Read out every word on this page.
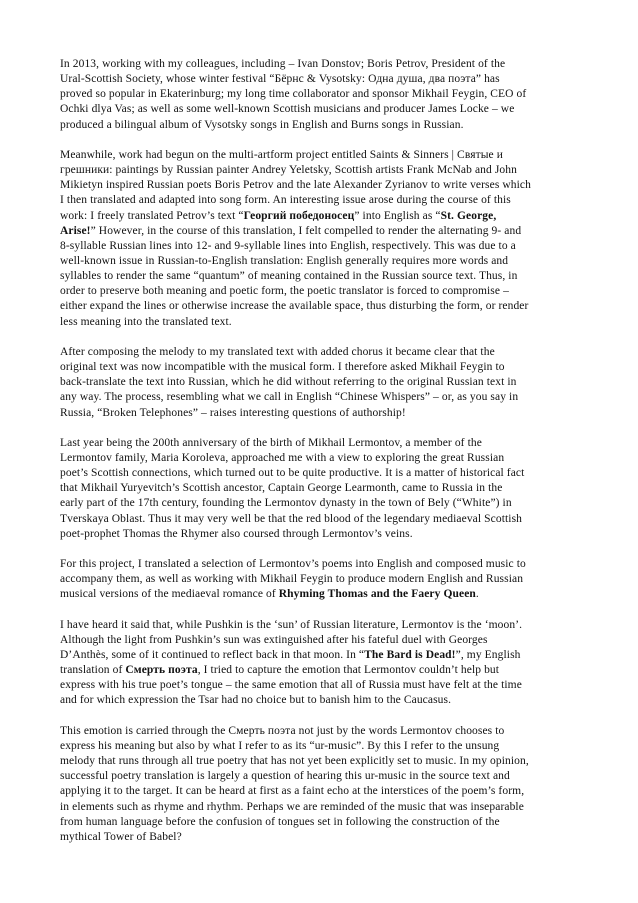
In 2013, working with my colleagues, including – Ivan Donstov; Boris Petrov, President of the
Ural-Scottish Society, whose winter festival “Бёрнс & Vysotsky: Одна душа, два поэта” has
proved so popular in Ekaterinburg; my long time collaborator and sponsor Mikhail Feygin, CEO of
Ochki dlya Vas; as well as some well-known Scottish musicians and producer James Locke – we
produced a bilingual album of Vysotsky songs in English and Burns songs in Russian.

Meanwhile, work had begun on the multi-artform project entitled Saints & Sinners | Святые и
грешники: paintings by Russian painter Andrey Yeletsky, Scottish artists Frank McNab and John
Mikietyn inspired Russian poets Boris Petrov and the late Alexander Zyrianov to write verses which
I then translated and adapted into song form. An interesting issue arose during the course of this
work: I freely translated Petrov’s text “Георгий победоносец” into English as “St. George,
Arise!” However, in the course of this translation, I felt compelled to render the alternating 9- and
8-syllable Russian lines into 12- and 9-syllable lines into English, respectively. This was due to a
well-known issue in Russian-to-English translation: English generally requires more words and
syllables to render the same “quantum” of meaning contained in the Russian source text. Thus, in
order to preserve both meaning and poetic form, the poetic translator is forced to compromise –
either expand the lines or otherwise increase the available space, thus disturbing the form, or render
less meaning into the translated text.

After composing the melody to my translated text with added chorus it became clear that the
original text was now incompatible with the musical form. I therefore asked Mikhail Feygin to
back-translate the text into Russian, which he did without referring to the original Russian text in
any way. The process, resembling what we call in English “Chinese Whispers” – or, as you say in
Russia, “Broken Telephones” – raises interesting questions of authorship!

Last year being the 200th anniversary of the birth of Mikhail Lermontov, a member of the
Lermontov family, Maria Koroleva, approached me with a view to exploring the great Russian
poet’s Scottish connections, which turned out to be quite productive. It is a matter of historical fact
that Mikhail Yuryevitch’s Scottish ancestor, Captain George Learmonth, came to Russia in the
early part of the 17th century, founding the Lermontov dynasty in the town of Bely (“White”) in
Tverskaya Oblast. Thus it may very well be that the red blood of the legendary mediaeval Scottish
poet-prophet Thomas the Rhymer also coursed through Lermontov’s veins.

For this project, I translated a selection of Lermontov’s poems into English and composed music to
accompany them, as well as working with Mikhail Feygin to produce modern English and Russian
musical versions of the mediaeval romance of Rhyming Thomas and the Faery Queen.

I have heard it said that, while Pushkin is the ‘sun’ of Russian literature, Lermontov is the ‘moon’.
Although the light from Pushkin’s sun was extinguished after his fateful duel with Georges
D’Anthès, some of it continued to reflect back in that moon. In “The Bard is Dead!”, my English
translation of Смерть поэта, I tried to capture the emotion that Lermontov couldn’t help but
express with his true poet’s tongue – the same emotion that all of Russia must have felt at the time
and for which expression the Tsar had no choice but to banish him to the Caucasus.

This emotion is carried through the Смерть поэта not just by the words Lermontov chooses to
express his meaning but also by what I refer to as its “ur-music”. By this I refer to the unsung
melody that runs through all true poetry that has not yet been explicitly set to music. In my opinion,
successful poetry translation is largely a question of hearing this ur-music in the source text and
applying it to the target. It can be heard at first as a faint echo at the interstices of the poem’s form,
in elements such as rhyme and rhythm. Perhaps we are reminded of the music that was inseparable
from human language before the confusion of tongues set in following the construction of the
mythical Tower of Babel?
